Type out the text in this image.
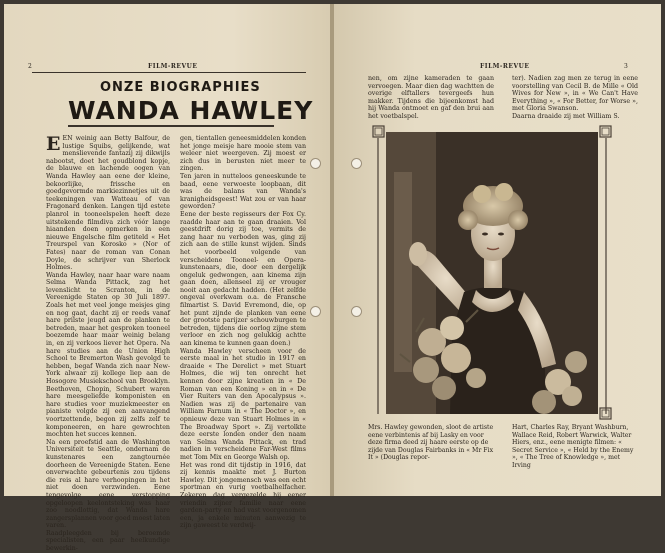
2	FILM-REVUE
ONZE BIOGRAPHIES
WANDA HAWLEY
EEN weinig aan Betty Balfour, de lustige Squibs, gelijkende, wat menslievende fantazij zij dikwijls nabootst, doet het goudblond kopje, de blauwe en lachende oogen van Wanda Hawley aan eene der kleine, bekoorlijke, frissche en goedgevormde markiezinnetjes uit de teekeningen van Watteau of van Fragonard denken. Langen tijd estete planrol in tooneelspelen heeft deze uitstekende filmdiva zich vóór lange hiaanden doen opmerken in een nieuwe Engelsche film getiteld « Het Treurspel van Korosko » (Nor of Fates) naar de roman van Conan Doyle, de schrijver van Sherlock Holmes.
Wanda Hawley, naar haar ware naam Selma Wanda Pittack, zag het levenslicht te Scranton, in de Vereenigde Staten op 30 Juli 1897. Zoals het met veel jonge meisjes ging en nog gaat, dacht zij er reeds vanaf hare prilste jeugd aan de planken te betreden, maar het gesproken tooneel boezemde haar maar weinig belang in, en zij verkoos liever het Opera. Na hare studies aan de Union High School te Bremerton Wash gevolgd te hebben, begaf Wanda zich naar New-York alwaar zij kollege liep aan de Hosogore Musiekschool van Brooklyn. Beethoven, Chopin, Schubert waren hare meesgeliefde komponisten en hare studies voor muziekmeester en pianiste volgde zij een aanvangend voortzettende, begon zij zelfs zelf te komponeeren, en hare gewrochten mochten het succes kennen.
Na een proefstid aan de Washington Universiteit te Seattle, ondernam de kunstenares een zangtournée doorheen de Vereenigde Staten. Eene onverwachte gebeurtenis zou tijdens die reis al hare verhoopingen in het niet doen verzwinden. Eene tengevolge eene verstopping opgeloopen keelontsteking was haar zoo noodlottig, dat Wanda hare zangersplannen voor goed moest laten varen.
Raadpleegden bij beroemde specialisten, een paar heelkundige bewerkin-
gen, tientallen geneesmiddelen konden het jonge meisje hare mooie stem van weleer niet weergeven. Zij moest er zich dus in berusten niet meer te zingen.
Ten jaren in nutteloos geneeskunde te baad, eene verwoeste loopbaan, dit was de balans van Wanda's kranigheidsgeest! Wat zou er van haar geworden?
Eene der beste regisseurs der Fox Cy. raadde haar aan te gaan draaien. Vol geestdrift dorig zij toe, vermits de zang haar nu verboden was, ging zij zich aan de stille kunst wijden. Sinds het voorbeeld volgende van verscheidene Tooneel- en Opera-kunstenaars, die, door een dergelijk ongeluk gedwongen, aan kinema zijn gaan doen, allenseel zij er vrouger nooit aan gedacht hadden. (Het zelfde ongeval overkwam o.a. de Fransche filmartist S. David Evremond, die, op het punt zijnde de planken van eene der grootste parijzer schouwburgen te betreden, tijdens die oorlog zijne stem verloor en zich nog gelukkig achtte aan kinema te kunnen gaan doen.)
Wanda Hawley verscheen voor de eerste maal in het studio in 1917 en draaide « The Derelict » met Stuart Holmes, die wij ten onrecht het kennen door zijne kreatien in « De Roman van een Koning » en in « De Vier Ruiters van den Apocalypsus ». Nadien was zij de partenaire van William Farnum in « The Doctor », en opnieuw deze van Stuart Holmes in « The Broadway Sport ». Zij vertolkte deze eerste londen onder den naam van Selma Wanda Pittack, en trad nadien in verscheidene Far-West films met Tom Mix en George Walsh op.
Het was rond dit tijdstip in 1916, dat zij kennis maakte met J. Burton Hawley. Dit jongemensch was een echt sportman en vurig voetbalhelfacher. Zekeren dag vergezelde hij eener vriendin zijner familie naar eene garden-party en had vast voorgenomen een, ja enkele minuten aanwezig te zijn gaweest te verdwij-
FILM-REVUE	3
nen, om zijne kameraden te gaan vervoegen. Maar dien dag wachtten de overige elftallers tevergeefs hun makker. Tijdens die bijeenkomst had hij Wanda ontmoet en gaf den brui aan het voetbalspel.
ter). Nadien zag men ze terug in eene voorstelling van Cecil B. de Mille « Old Wives for New », in « We Can't Have Everything », « For Better, for Worse », met Gloria Swanson.
Daarna draaide zij met William S.
Mrs. Hawley gewonden, sloot de artiste eene verbintenis af bij Lasky en voor deze firma deed zij haare eerste op de zijde van Douglas Fairbanks in « Mr Fix It » (Douglas repor-
Hart, Charles Ray, Bryant Washburn, Wallace Reid, Robert Warwick, Walter Hiers, enz., eene menigte filmen: « Secret Service », « Held by the Enemy », « The Tree of Knowledge », met Irving
